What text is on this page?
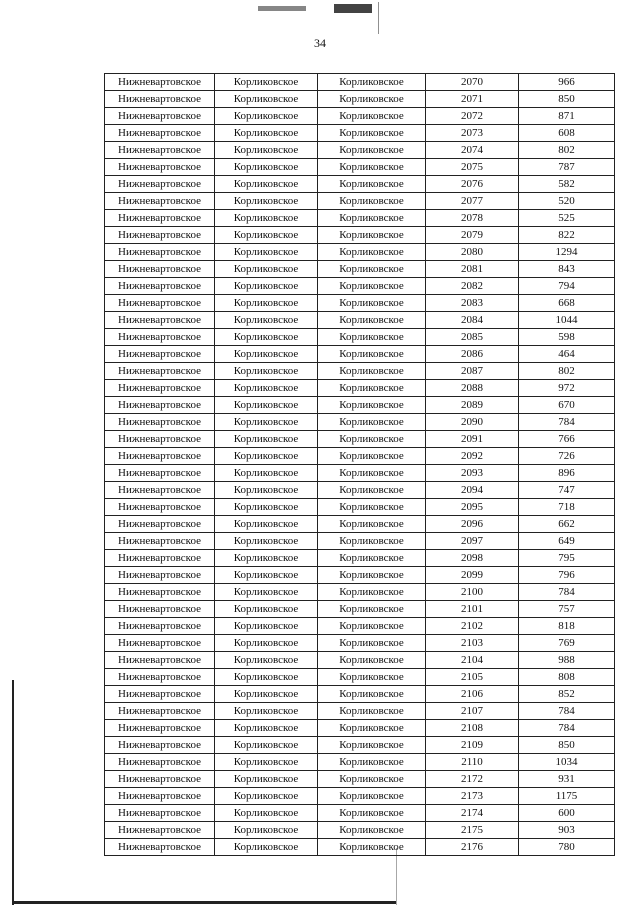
34
Нижневартовское	Корликовское	Корликовское	2070	966
Нижневартовское	Корликовское	Корликовское	2071	850
Нижневартовское	Корликовское	Корликовское	2072	871
Нижневартовское	Корликовское	Корликовское	2073	608
Нижневартовское	Корликовское	Корликовское	2074	802
Нижневартовское	Корликовское	Корликовское	2075	787
Нижневартовское	Корликовское	Корликовское	2076	582
Нижневартовское	Корликовское	Корликовское	2077	520
Нижневартовское	Корликовское	Корликовское	2078	525
Нижневартовское	Корликовское	Корликовское	2079	822
Нижневартовское	Корликовское	Корликовское	2080	1294
Нижневартовское	Корликовское	Корликовское	2081	843
Нижневартовское	Корликовское	Корликовское	2082	794
Нижневартовское	Корликовское	Корликовское	2083	668
Нижневартовское	Корликовское	Корликовское	2084	1044
Нижневартовское	Корликовское	Корликовское	2085	598
Нижневартовское	Корликовское	Корликовское	2086	464
Нижневартовское	Корликовское	Корликовское	2087	802
Нижневартовское	Корликовское	Корликовское	2088	972
Нижневартовское	Корликовское	Корликовское	2089	670
Нижневартовское	Корликовское	Корликовское	2090	784
Нижневартовское	Корликовское	Корликовское	2091	766
Нижневартовское	Корликовское	Корликовское	2092	726
Нижневартовское	Корликовское	Корликовское	2093	896
Нижневартовское	Корликовское	Корликовское	2094	747
Нижневартовское	Корликовское	Корликовское	2095	718
Нижневартовское	Корликовское	Корликовское	2096	662
Нижневартовское	Корликовское	Корликовское	2097	649
Нижневартовское	Корликовское	Корликовское	2098	795
Нижневартовское	Корликовское	Корликовское	2099	796
Нижневартовское	Корликовское	Корликовское	2100	784
Нижневартовское	Корликовское	Корликовское	2101	757
Нижневартовское	Корликовское	Корликовское	2102	818
Нижневартовское	Корликовское	Корликовское	2103	769
Нижневартовское	Корликовское	Корликовское	2104	988
Нижневартовское	Корликовское	Корликовское	2105	808
Нижневартовское	Корликовское	Корликовское	2106	852
Нижневартовское	Корликовское	Корликовское	2107	784
Нижневартовское	Корликовское	Корликовское	2108	784
Нижневартовское	Корликовское	Корликовское	2109	850
Нижневартовское	Корликовское	Корликовское	2110	1034
Нижневартовское	Корликовское	Корликовское	2172	931
Нижневартовское	Корликовское	Корликовское	2173	1175
Нижневартовское	Корликовское	Корликовское	2174	600
Нижневартовское	Корликовское	Корликовское	2175	903
Нижневартовское	Корликовское	Корликовское	2176	780
